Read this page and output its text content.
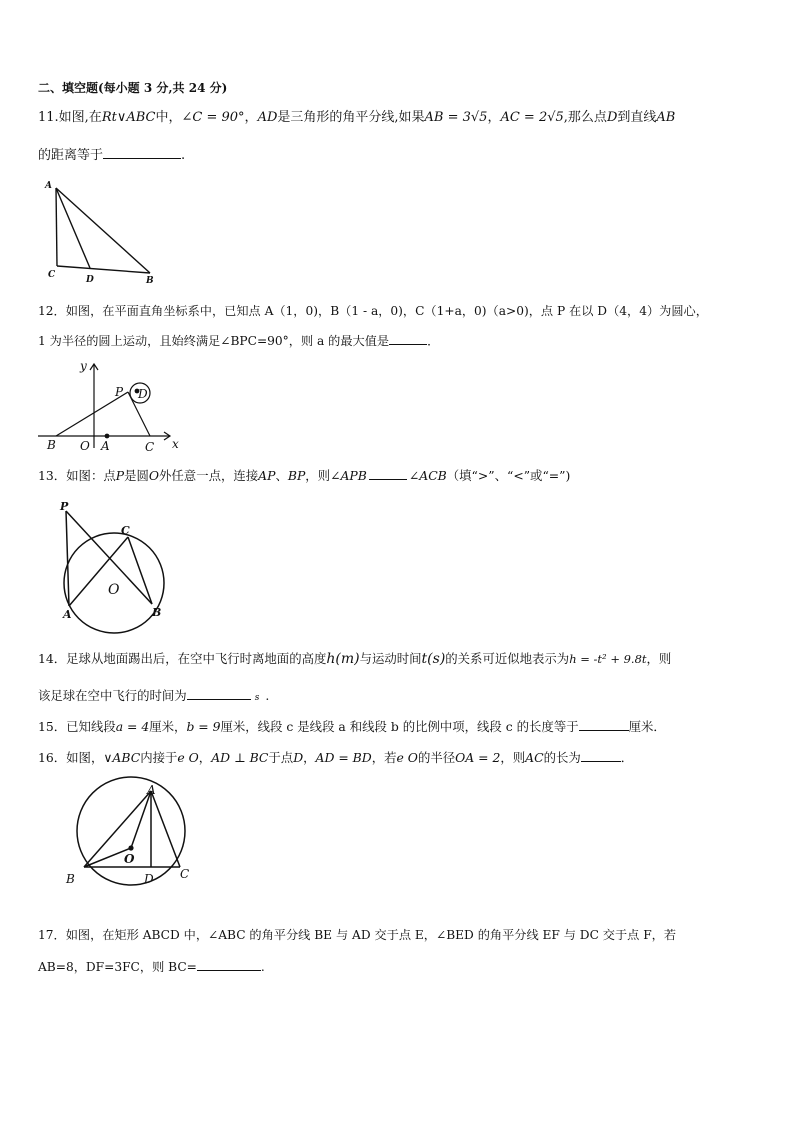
二、填空题(每小题 3 分,共 24 分)
11.如图,在Rt∨ABC中，∠C = 90°，AD是三角形的角平分线,如果AB = 3√5，AC = 2√5,那么点D到直线AB
的距离等于	.
A
C	D	B
12．如图，在平面直角坐标系中，已知点 A（1，0)，B（1 - a，0)，C（1+a，0)（a>0)，点 P 在以 D（4，4）为圆心，
1 为半径的圆上运动，且始终满足∠BPC=90°，则 a 的最大值是	．
y
x
P D
B O A	C
13．如图：点P是圆O外任意一点，连接AP、BP，则∠APB	∠ACB（填“>”、“<”或“=”)
P
C
O
A	B
14．足球从地面踢出后，在空中飞行时离地面的高度h(m)与运动时间t(s)的关系可近似地表示为h = -t² + 9.8t，则
该足球在空中飞行的时间为	s .
15．已知线段a = 4厘米，b = 9厘米，线段 c 是线段 a 和线段 b 的比例中项，线段 c 的长度等于	厘米．
16．如图，∨ABC内接于e O，AD ⊥ BC于点D，AD = BD，若e O的半径OA = 2，则AC的长为	．
A
O
B	D C
17．如图，在矩形 ABCD 中，∠ABC 的角平分线 BE 与 AD 交于点 E，∠BED 的角平分线 EF 与 DC 交于点 F，若
AB=8，DF=3FC，则 BC=	.
